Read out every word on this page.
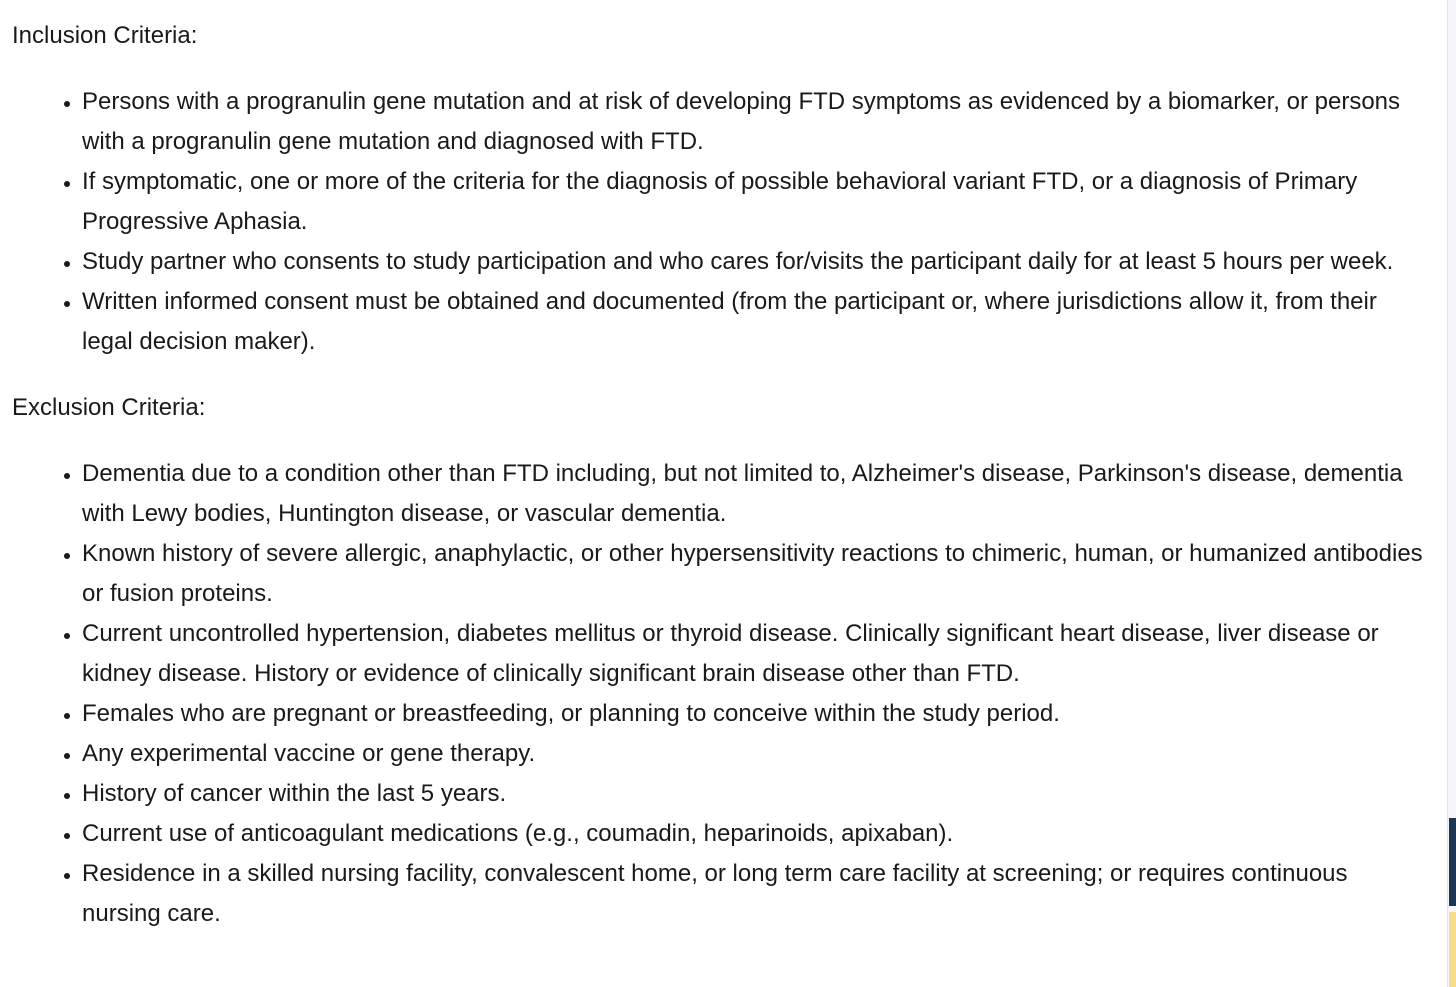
Inclusion Criteria:

• Persons with a progranulin gene mutation and at risk of developing FTD symptoms as evidenced by a biomarker, or persons with a progranulin gene mutation and diagnosed with FTD.
• If symptomatic, one or more of the criteria for the diagnosis of possible behavioral variant FTD, or a diagnosis of Primary Progressive Aphasia.
• Study partner who consents to study participation and who cares for/visits the participant daily for at least 5 hours per week.
• Written informed consent must be obtained and documented (from the participant or, where jurisdictions allow it, from their legal decision maker).

Exclusion Criteria:

• Dementia due to a condition other than FTD including, but not limited to, Alzheimer's disease, Parkinson's disease, dementia with Lewy bodies, Huntington disease, or vascular dementia.
• Known history of severe allergic, anaphylactic, or other hypersensitivity reactions to chimeric, human, or humanized antibodies or fusion proteins.
• Current uncontrolled hypertension, diabetes mellitus or thyroid disease. Clinically significant heart disease, liver disease or kidney disease. History or evidence of clinically significant brain disease other than FTD.
• Females who are pregnant or breastfeeding, or planning to conceive within the study period.
• Any experimental vaccine or gene therapy.
• History of cancer within the last 5 years.
• Current use of anticoagulant medications (e.g., coumadin, heparinoids, apixaban).
• Residence in a skilled nursing facility, convalescent home, or long term care facility at screening; or requires continuous nursing care.
